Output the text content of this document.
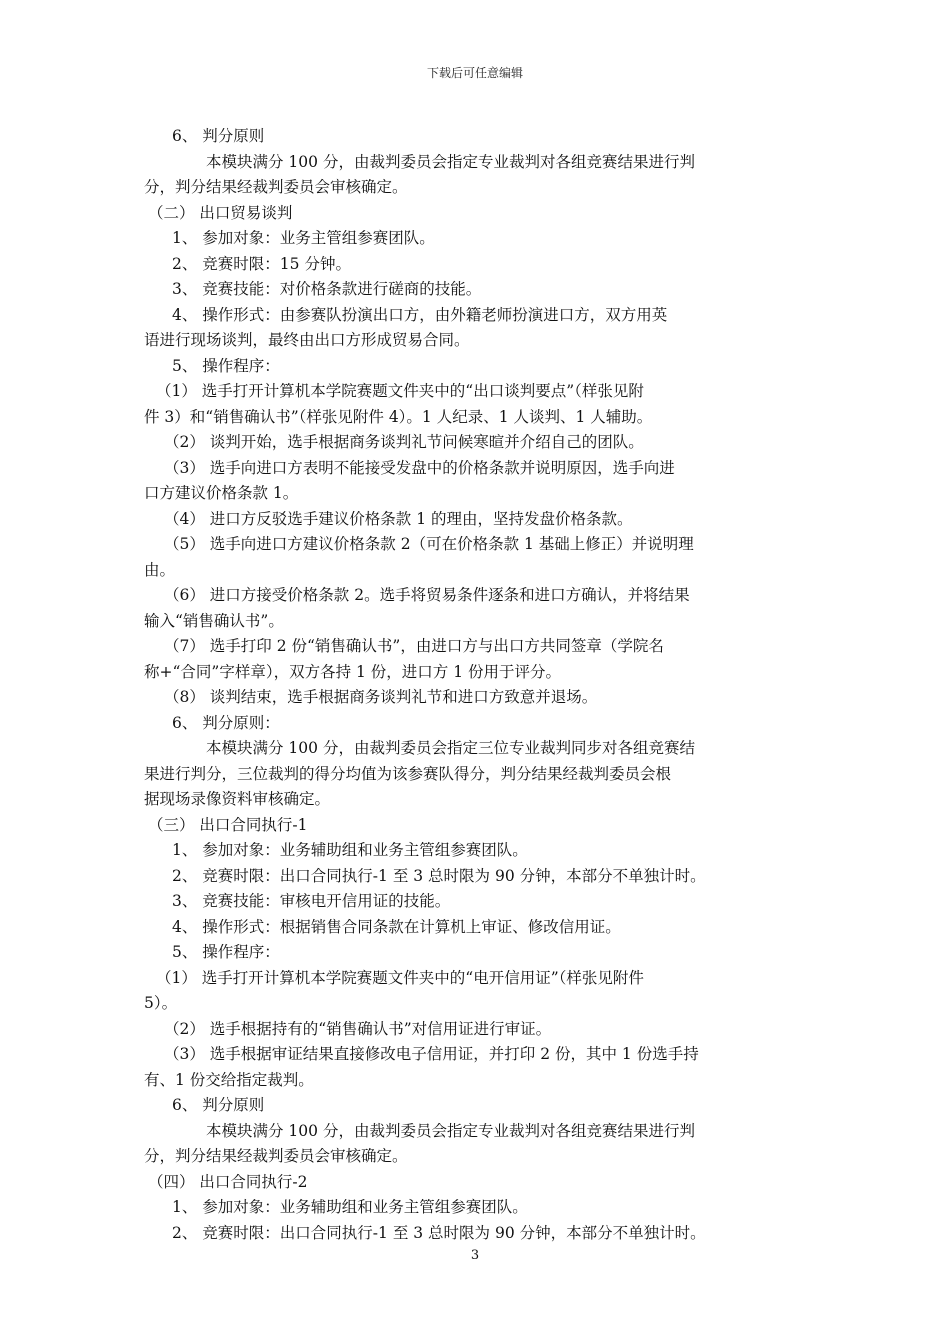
下载后可任意编辑
6、 判分原则
本模块满分 100 分，由裁判委员会指定专业裁判对各组竞赛结果进行判
分，判分结果经裁判委员会审核确定。
（二） 出口贸易谈判
1、 参加对象：业务主管组参赛团队。
2、 竞赛时限：15 分钟。
3、 竞赛技能：对价格条款进行磋商的技能。
4、 操作形式：由参赛队扮演出口方，由外籍老师扮演进口方，双方用英
语进行现场谈判，最终由出口方形成贸易合同。
5、 操作程序：
（1） 选手打开计算机本学院赛题文件夹中的“出口谈判要点”（样张见附
件 3）和“销售确认书”（样张见附件 4）。1 人纪录、1 人谈判、1 人辅助。
（2） 谈判开始，选手根据商务谈判礼节问候寒暄并介绍自己的团队。
（3） 选手向进口方表明不能接受发盘中的价格条款并说明原因，选手向进
口方建议价格条款 1。
（4） 进口方反驳选手建议价格条款 1 的理由，坚持发盘价格条款。
（5） 选手向进口方建议价格条款 2（可在价格条款 1 基础上修正）并说明理
由。
（6） 进口方接受价格条款 2。选手将贸易条件逐条和进口方确认，并将结果
输入“销售确认书”。
（7） 选手打印 2 份“销售确认书”，由进口方与出口方共同签章（学院名
称+“合同”字样章），双方各持 1 份，进口方 1 份用于评分。
（8） 谈判结束，选手根据商务谈判礼节和进口方致意并退场。
6、 判分原则：
本模块满分 100 分，由裁判委员会指定三位专业裁判同步对各组竞赛结
果进行判分，三位裁判的得分均值为该参赛队得分，判分结果经裁判委员会根
据现场录像资料审核确定。
（三） 出口合同执行-1
1、 参加对象：业务辅助组和业务主管组参赛团队。
2、 竞赛时限：出口合同执行-1 至 3 总时限为 90 分钟，本部分不单独计时。
3、 竞赛技能：审核电开信用证的技能。
4、 操作形式：根据销售合同条款在计算机上审证、修改信用证。
5、 操作程序：
（1） 选手打开计算机本学院赛题文件夹中的“电开信用证”（样张见附件
5）。
（2） 选手根据持有的“销售确认书”对信用证进行审证。
（3） 选手根据审证结果直接修改电子信用证，并打印 2 份，其中 1 份选手持
有、1 份交给指定裁判。
6、 判分原则
本模块满分 100 分，由裁判委员会指定专业裁判对各组竞赛结果进行判
分，判分结果经裁判委员会审核确定。
（四） 出口合同执行-2
1、 参加对象：业务辅助组和业务主管组参赛团队。
2、 竞赛时限：出口合同执行-1 至 3 总时限为 90 分钟，本部分不单独计时。
3
